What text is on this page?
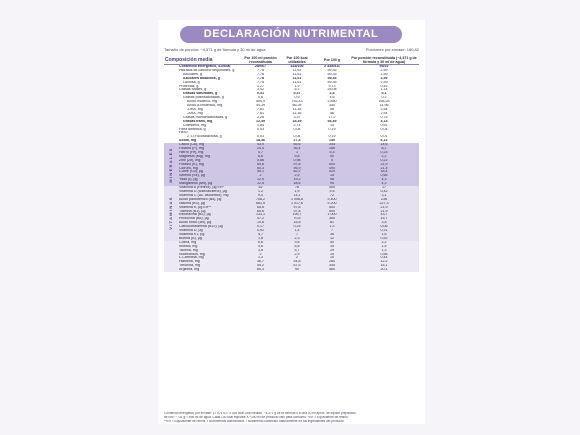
DECLARACIÓN NUTRIMENTAL
Tamaño de porción: ~4,371 g de fórmula y 30 ml de agua	Porciones por envase: 180,82
Composición media		Por 100 ml porción reconstituida	Por 100 kcal utilizables	Por 100 g	Por porción reconstituida (~4,371 g de fórmula y 30 ml de agua)
	Contenido Energético, kJ/kcal	280/67	418/100	2 335/511	95/22
	Hidratos de carbono disponibles, g	7,78	11,61	59,35	2,59
	Azúcares, g	7,78	11,61	59,35	2,59
	Azúcares añadidos, g	7,78	11,61	59,35	2,59
	Lactosa, g	7,78	11,61	59,35	2,59
	Proteínas, g	1,27	1,9	9,73	0,42
	Grasas totales, g	3,42	5,1	26,08	1,14
	Grasas saturadas, g	0,31	0,47	2,4	0,1
	Grasas poliinsaturadas, g	0,6	0,9	4,6	0,2
	Ácido linoleico, mg	504,9	753,43	3 850	168,28
	Ácido α-linolénico, mg	44,39	66,26	340	14,96
	-DHA, mg	7,61	11,35	58	2,54
	-ARA, mg	7,61	11,35	58	2,54
	Grasas monoinsaturadas, g	2,26	3,37	17,2	0,75
	Grasas trans, mg	12,39	18,49	94,49	4,13
	Colesterol, mg	1,84	2,74	14	0,61
	Fibra dietética, g	0,03	0,04	0,19	0,01
	HMO:				
	2'-O-Fucosillactosa, g	0,03	0,04	0,19	0,01
	Sodio, mg	18,36	27,4	140	6,12

MINERALES	Calcio (Ca), mg	43,9	65,6	335	14,6
	Fósforo (P), mg	24,4	36,4	186	8,1
	Hierro (Fe), mg	0,7	1	5,3	0,23
	Magnesio (Mg), mg	6,6	9,8	50	2,2
	Zinc (Zn), mg	0,66	0,98	5	0,22
	Potasio (K), mg	65,6	97,8	500	21,9
	Cloruro, mg	64,3	95,9	490	21,4
	Cobre (Cu), µg	55,1	82,2	420	18,4
	Selenio (Se), µg	2	2,9	15	0,66
	Yodo (I), µg	12,9	19,2	98	4,3
	Manganeso (Mn), µg	12,5	18,6	95	4,2

VITAMINAS	Vitamina A (Retinol), µg ER*	52	78	400	17
	Vitamina D (colecalciferol), µg	1,2	1,9	9,5	0,42
	Vitamina C (Ac. ascórbico), mg	9,4	14,1	72	3,1
	Ácido pantoténico (B5), µg	708,2	1 056,8	5 400	236
	Niacina (B3), µg	681,9	1 017,6	5 200	227,3
	Vitamina K, µg ER**	65,6	97,8	500	21,9
	Tiamina (B1), µg	65,6	97,8	500	21,9
	Riboflavina (B2), µg	131,1	195,7	1 000	43,7
	Piridoxina (B6), µg	47,2	70,5	360	15,7
	Ácido fólico (B9), µg	10,6	15,8	81	3,5
	Cianocobalamina (B12), µg	0,17	0,25	1,3	0,06
	Vitamina D, µg	0,92	1,4	7	0,31
	Vitamina K1, µg	4,7	7	36	1,6
	Biotina (B), µg	1,6	2,3	12	0,52
	Colina, mg	6,6	9,8	50	2,2
	Inositol, mg	4,6	6,8	35	1,5
	Taurina, mg	3,8	5,7	29	1,3
	Nucleótidos, mg	2	2,9	15	0,66
	L-Carnitina, mg	1,3	2	10	0,44
	Histidina, mg	36,7	54,8	280	12,2
	Treonina, mg	45,2	67,5	345	15,1
	Arginina, mg	60,3	90	460	20,1
Contenido energético por envase: 17 021 kJ / 4 026 kcal Una medida: ~4,371 g de la fórmula o a una 30 ml aprox. de líquido preparado.
de litro: ~731 g = 898 ml de agua. Cada 100 kcal equivale a ~150 ml de producto listo para consumo. *ER = Equivalente de retinol.
**ER = Equivalente de retinol. • Nutrimentos adicionados. ¹ Nutrimento contenido naturalmente en los ingredientes del producto.
